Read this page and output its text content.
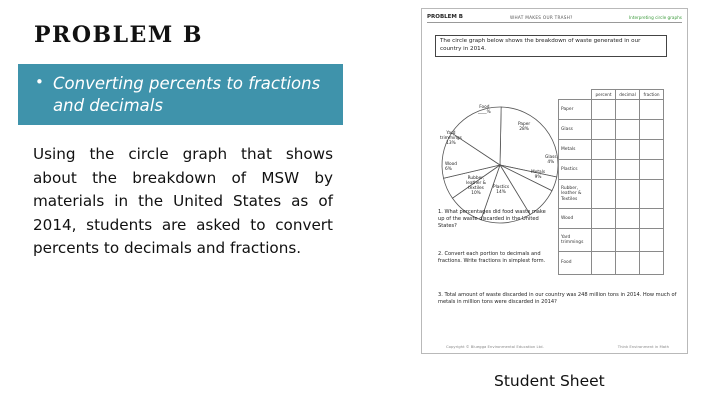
PROBLEM B
• Converting percents to fractions and decimals
Using the circle graph that shows about the breakdown of MSW by materials in the United States as of 2014, students are asked to convert percents to decimals and fractions.
PROBLEM B	WHAT MAKES OUR TRASH?	Interpreting circle graphs
The circle graph below shows the breakdown of waste generated in our country in 2014.
Food
____%
Paper
28%
Glass
4%
Metals
9%
Plastics
14%
Rubber,
leather &
textiles
10%
Wood
6%
Yard
trimmings
13%
	percent	decimal	fraction
Paper			
Glass			
Metals			
Plastics			
Rubber, leather & Textiles			
Wood			
Yard trimmings			
Food			
1. What percentages did food waste make up of the waste discarded in the United States?
2. Convert each portion to decimals and fractions. Write fractions in simplest form.
3. Total amount of waste discarded in our country was 248 million tons in 2014. How much of metals in million tons were discarded in 2014?
Copyright © Bluegga Environmental Education Ltd.	Think Environment in Math
Student Sheet
